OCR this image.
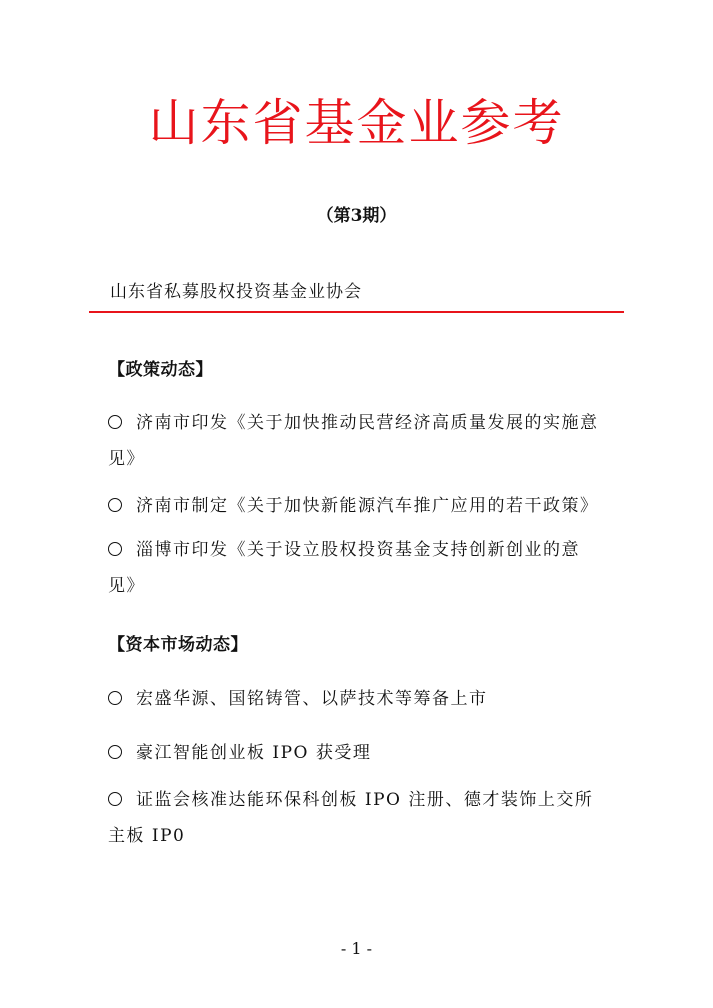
山东省基金业参考
（第3期）
山东省私募股权投资基金业协会
【政策动态】
济南市印发《关于加快推动民营经济高质量发展的实施意见》
济南市制定《关于加快新能源汽车推广应用的若干政策》
淄博市印发《关于设立股权投资基金支持创新创业的意见》
【资本市场动态】
宏盛华源、国铭铸管、以萨技术等筹备上市
豪江智能创业板 IPO 获受理
证监会核准达能环保科创板 IPO 注册、德才装饰上交所主板 IP0
- 1 -
